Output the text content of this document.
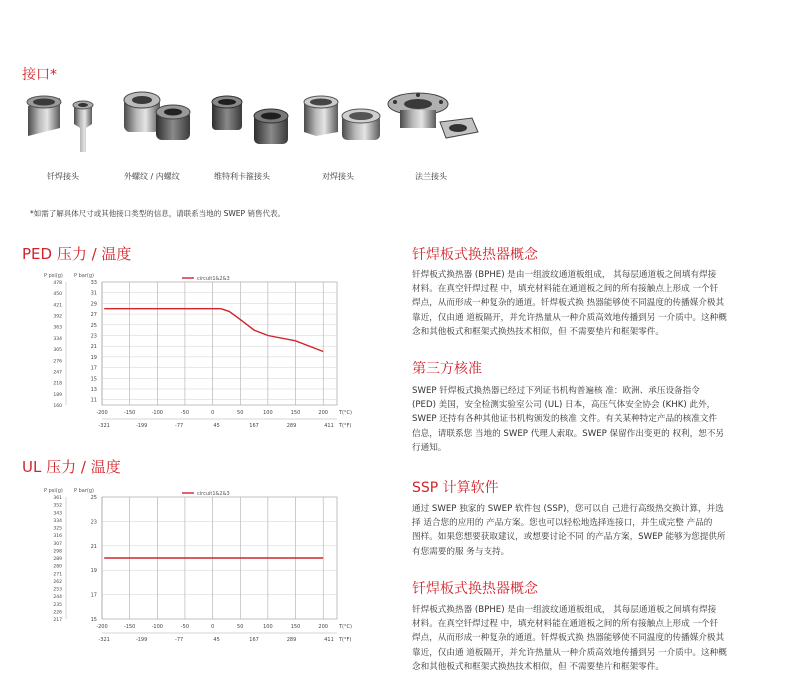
接口*
钎焊接头	外螺纹 / 内螺纹	维特利卡箍接头	对焊接头	法兰接头
*如需了解具体尺寸或其他接口类型的信息，请联系当地的 SWEP 销售代表。
PED 压力 / 温度
UL 压力 / 温度
P psi(g) P bar(g)	circuit1&2&3
-200	-150	-100	-50	0	50	100	150	200 T(°C)
-321	-199	-77	45	167	289	411 T(°F)
33
31
29
27
25
23
21
19
17
15
13
11
478
450
421
392
363
334
305
276
247
218
189
160
P psi(g) P bar(g)	circuit1&2&3
-200	-150	-100	-50	0	50	100	150	200 T(°C)
-321	-199	-77	45	167	289	411 T(°F)
25
23
21
19
17
15
361
352
343
334
325
316
307
298
289
280
271
262
253
244
235
226
217
钎焊板式换热器概念
钎焊板式换热器 (BPHE) 是由一组波纹通道板组成， 其每层通道板之间填有焊接
材料。在真空钎焊过程 中，填充材料能在通道板之间的所有接触点上形成 一个钎
焊点，从而形成一种复杂的通道。钎焊板式换 热器能够使不同温度的传播媒介极其
靠近，仅由通 道板隔开，并允许热量从一种介质高效地传播到另 一介质中。这种概
念和其他板式和框架式换热技术相似，但 不需要垫片和框架零件。
第三方核准
SWEP 钎焊板式换热器已经过下列证书机构普遍核 准：欧洲、承压设备指令
(PED) 美国，安全检测实验室公司 (UL) 日本，高压气体安全协会 (KHK) 此外，
SWEP 还持有各种其他证书机构颁发的核准 文件。有关某种特定产品的核准文件
信息，请联系您 当地的 SWEP 代理人索取。SWEP 保留作出变更的 权利，恕不另
行通知。
SSP 计算软件
通过 SWEP 独家的 SWEP 软件包 (SSP)，您可以自 己进行高级热交换计算，并选
择 适合您的应用的 产品方案。您也可以轻松地选择连接口，并生成完整 产品的
图样。如果您想要获取建议，或想要讨论不同 的产品方案，SWEP 能够为您提供所
有您需要的服 务与支持。
钎焊板式换热器概念
钎焊板式换热器 (BPHE) 是由一组波纹通道板组成， 其每层通道板之间填有焊接
材料。在真空钎焊过程 中，填充材料能在通道板之间的所有接触点上形成 一个钎
焊点，从而形成一种复杂的通道。钎焊板式换 热器能够使不同温度的传播媒介极其
靠近，仅由通 道板隔开，并允许热量从一种介质高效地传播到另 一介质中。这种概
念和其他板式和框架式换热技术相似，但 不需要垫片和框架零件。
